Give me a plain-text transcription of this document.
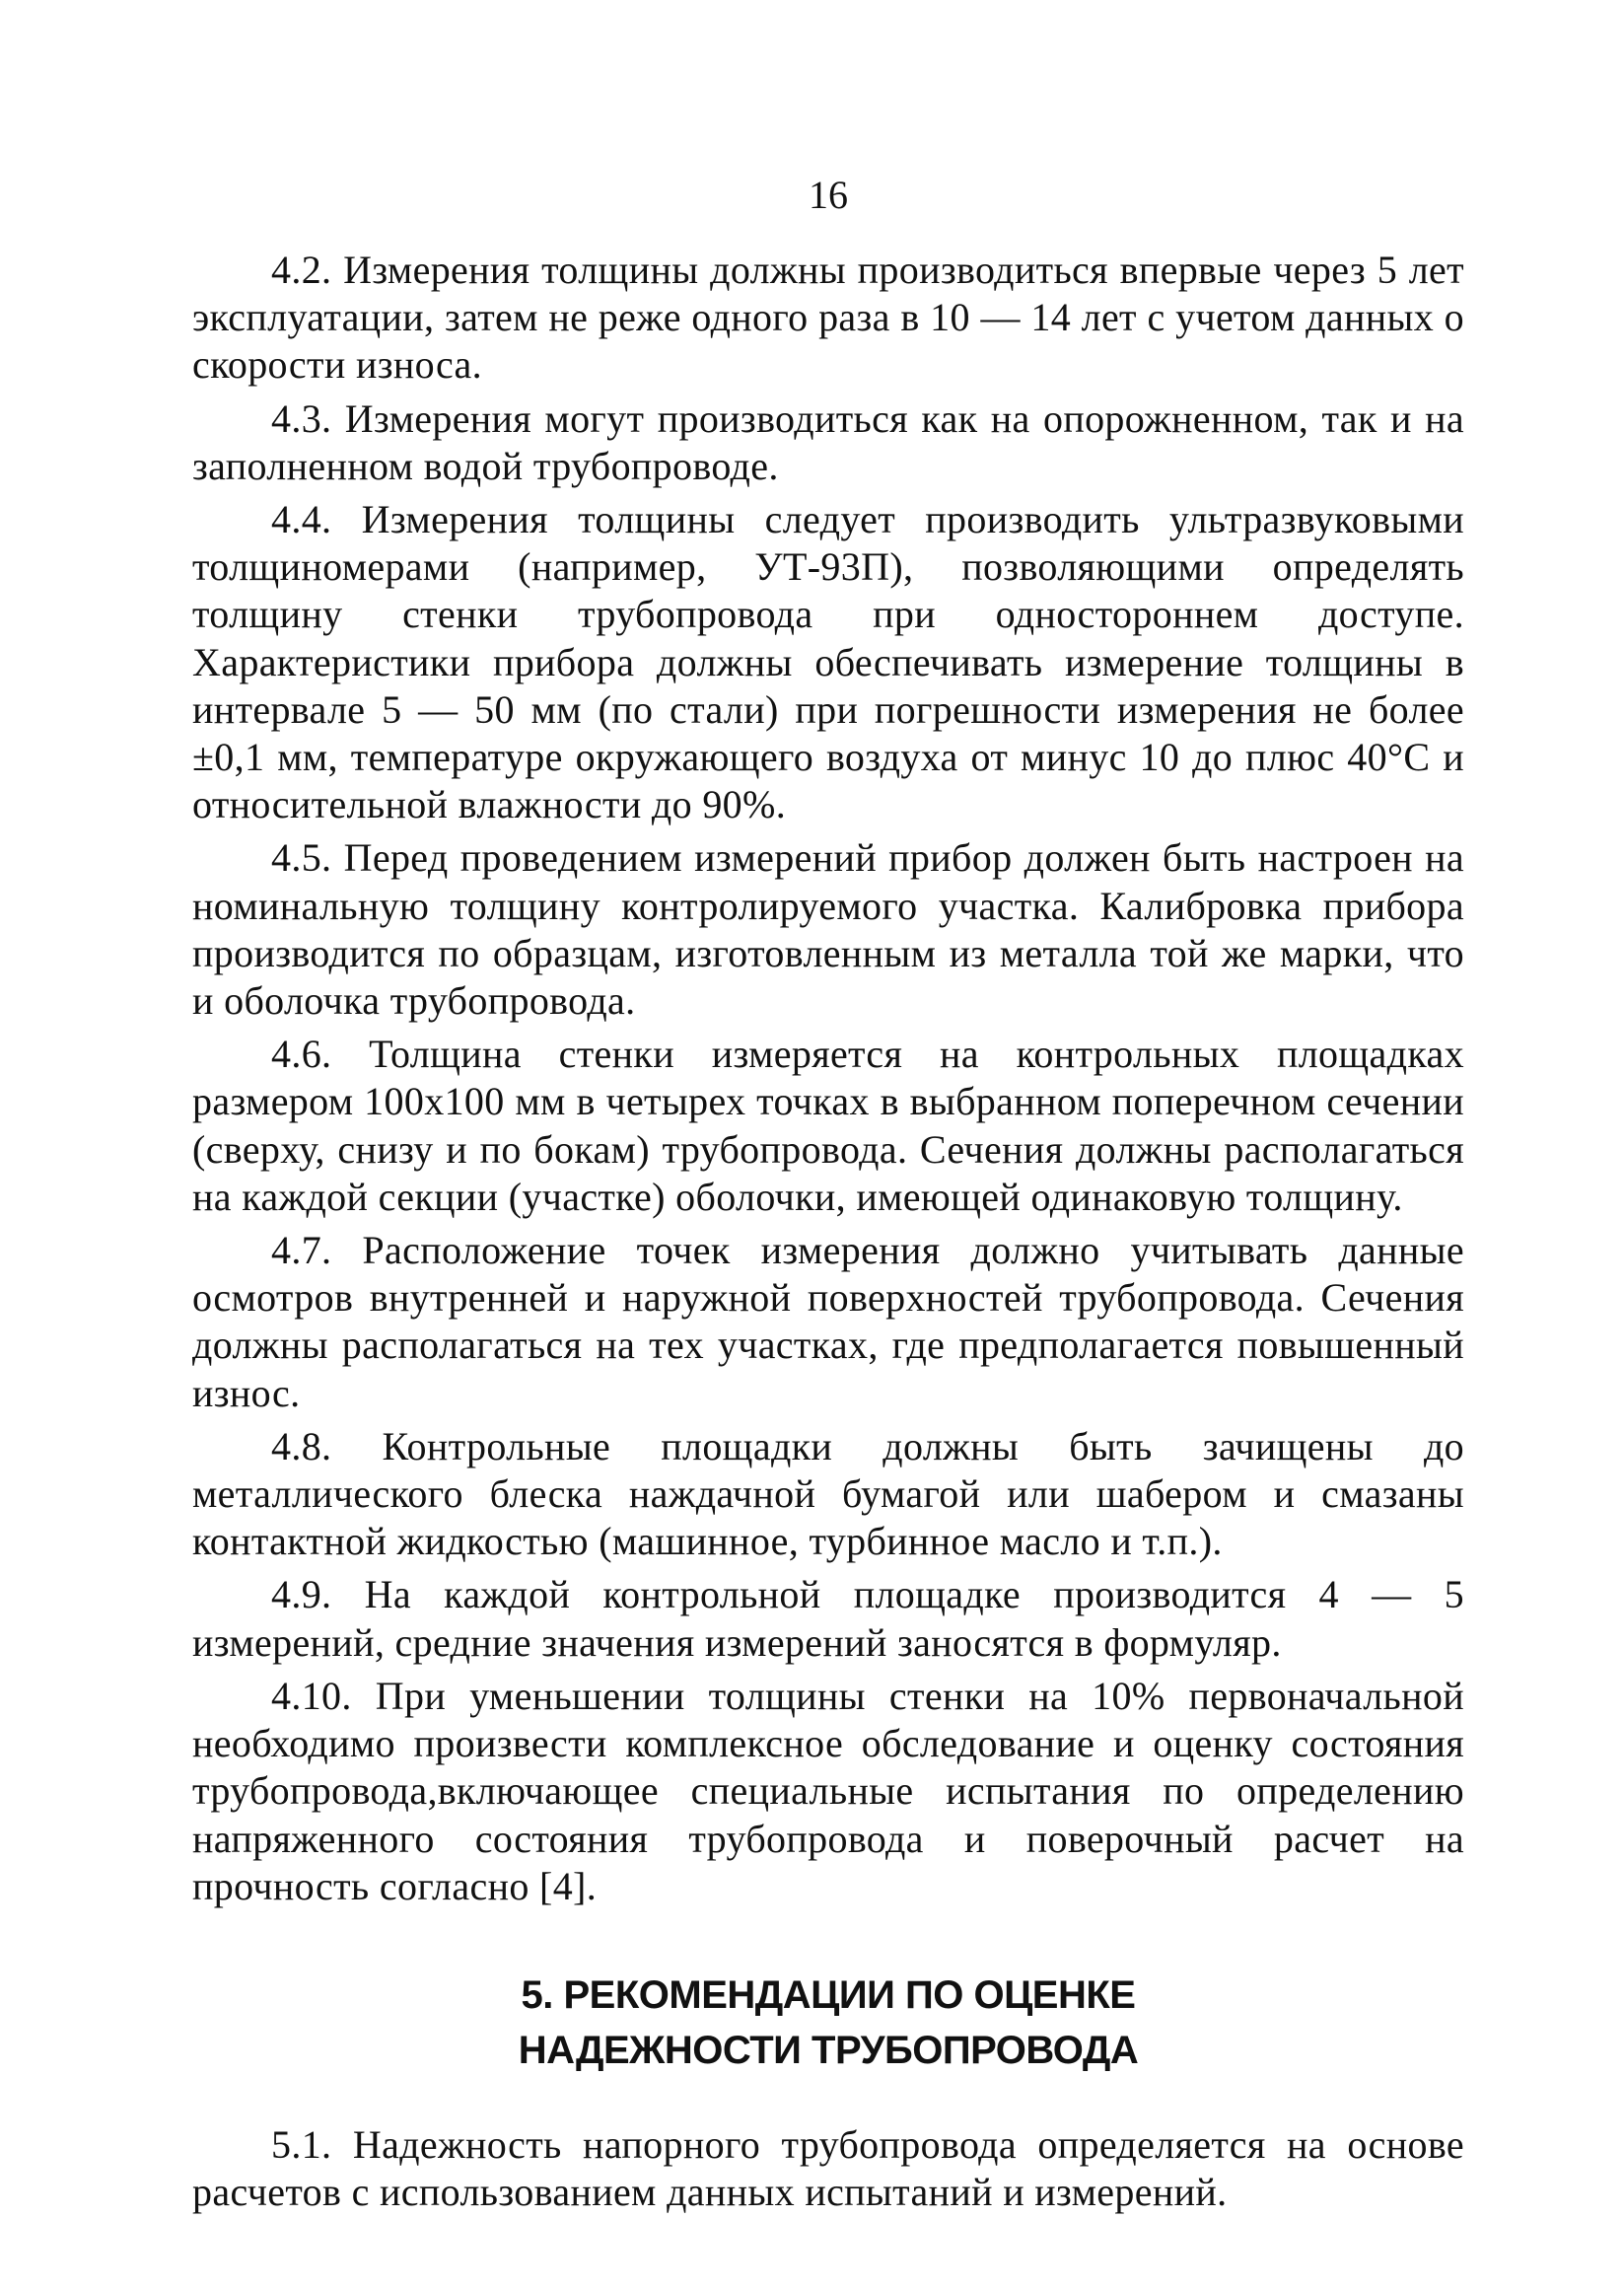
16

4.2. Измерения толщины должны производиться впервые через 5 лет эксплуатации, затем не реже одного раза в 10 — 14 лет с учетом данных о скорости износа.

4.3. Измерения могут производиться как на опорожненном, так и на заполненном водой трубопроводе.

4.4. Измерения толщины следует производить ультразвуковыми толщиномерами (например, УТ-93П), позволяющими определять толщину стенки трубопровода при одностороннем доступе. Характеристики прибора должны обеспечивать измерение толщины в интервале 5 — 50 мм (по стали) при погрешности измерения не более ±0,1 мм, температуре окружающего воздуха от минус 10 до плюс 40°С и относительной влажности до 90%.

4.5. Перед проведением измерений прибор должен быть настроен на номинальную толщину контролируемого участка. Калибровка прибора производится по образцам, изготовленным из металла той же марки, что и оболочка трубопровода.

4.6. Толщина стенки измеряется на контрольных площадках размером 100х100 мм в четырех точках в выбранном поперечном сечении (сверху, снизу и по бокам) трубопровода. Сечения должны располагаться на каждой секции (участке) оболочки, имеющей одинаковую толщину.

4.7. Расположение точек измерения должно учитывать данные осмотров внутренней и наружной поверхностей трубопровода. Сечения должны располагаться на тех участках, где предполагается повышенный износ.

4.8. Контрольные площадки должны быть зачищены до металлического блеска наждачной бумагой или шабером и смазаны контактной жидкостью (машинное, турбинное масло и т.п.).

4.9. На каждой контрольной площадке производится 4 — 5 измерений, средние значения измерений заносятся в формуляр.

4.10. При уменьшении толщины стенки на 10% первоначальной необходимо произвести комплексное обследование и оценку состояния трубопровода,включающее специальные испытания по определению напряженного состояния трубопровода и поверочный расчет на прочность согласно [4].

5. РЕКОМЕНДАЦИИ ПО ОЦЕНКЕ
НАДЕЖНОСТИ ТРУБОПРОВОДА

5.1. Надежность напорного трубопровода определяется на основе расчетов с использованием данных испытаний и измерений.
